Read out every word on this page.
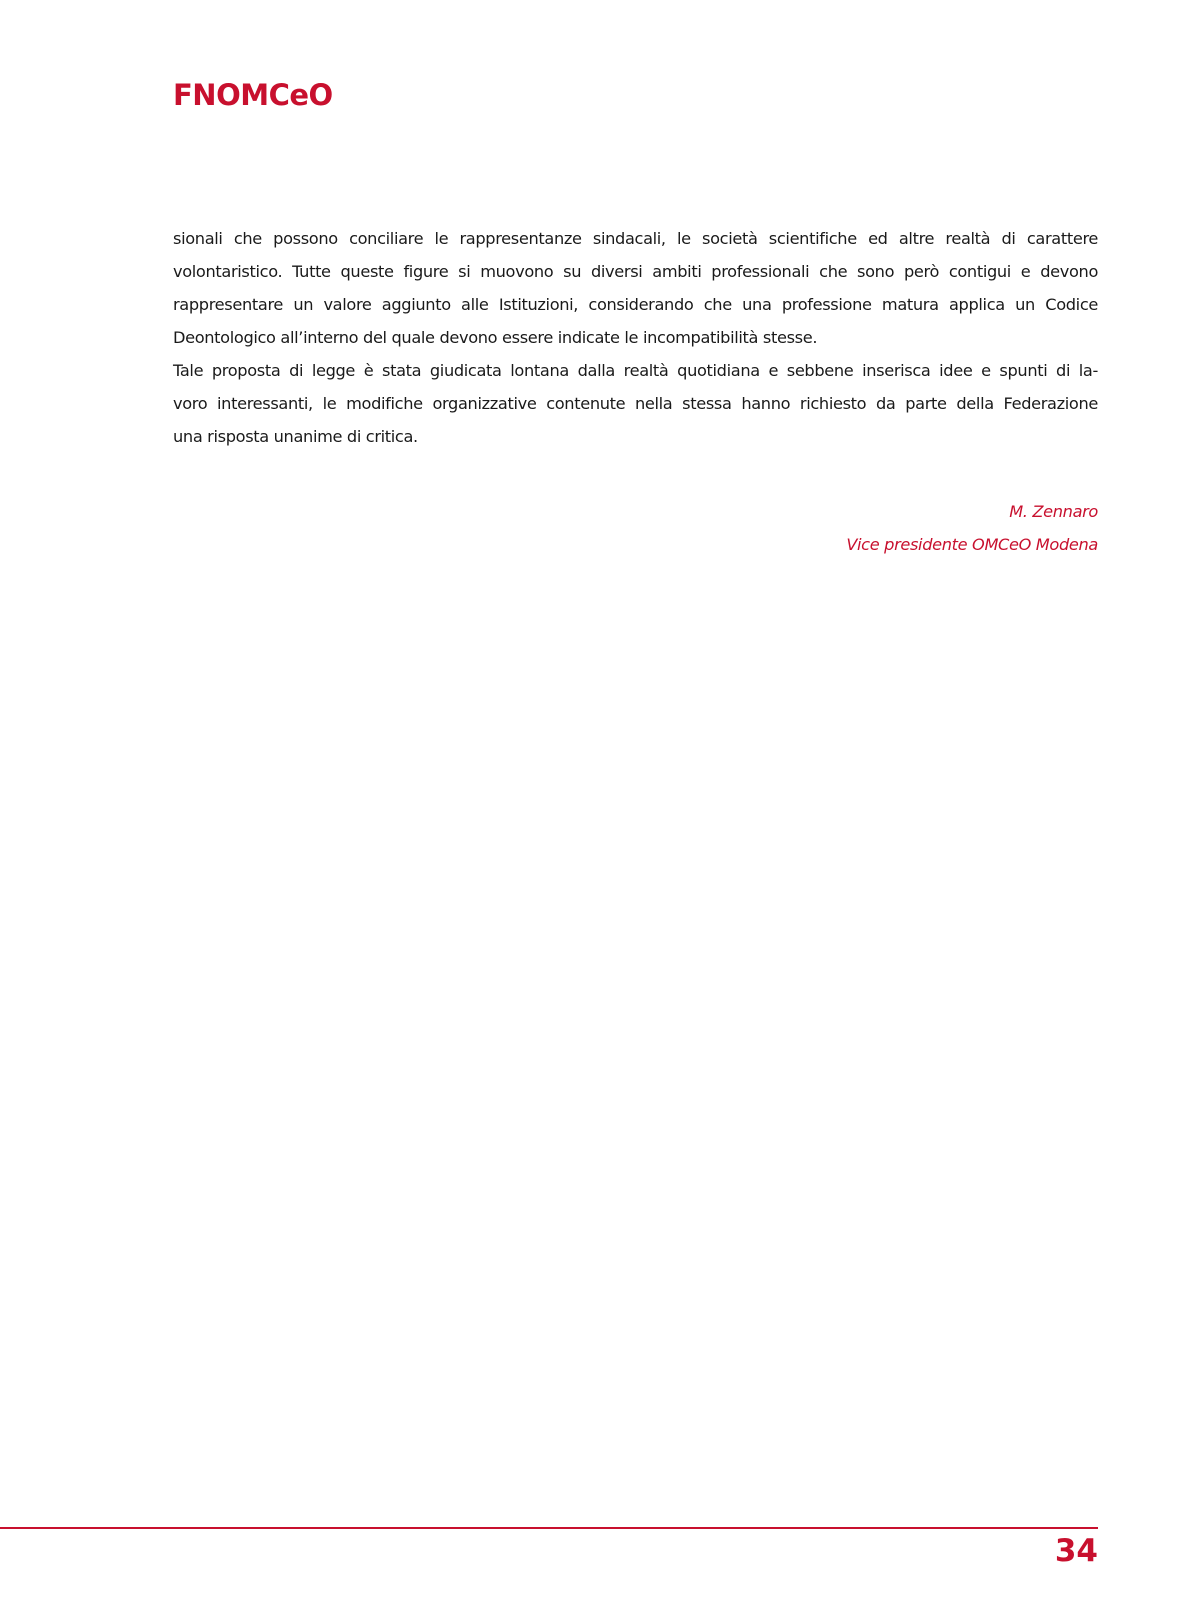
FNOMCeO

sionali che possono conciliare le rappresentanze sindacali, le società scientifiche ed altre realtà di carattere
volontaristico. Tutte queste figure si muovono su diversi ambiti professionali che sono però contigui e devono
rappresentare un valore aggiunto alle Istituzioni, considerando che una professione matura applica un Codice
Deontologico all’interno del quale devono essere indicate le incompatibilità stesse.

Tale proposta di legge è stata giudicata lontana dalla realtà quotidiana e sebbene inserisca idee e spunti di la-
voro interessanti, le modifiche organizzative contenute nella stessa hanno richiesto da parte della Federazione
una risposta unanime di critica.

M. Zennaro
Vice presidente OMCeO Modena
34
